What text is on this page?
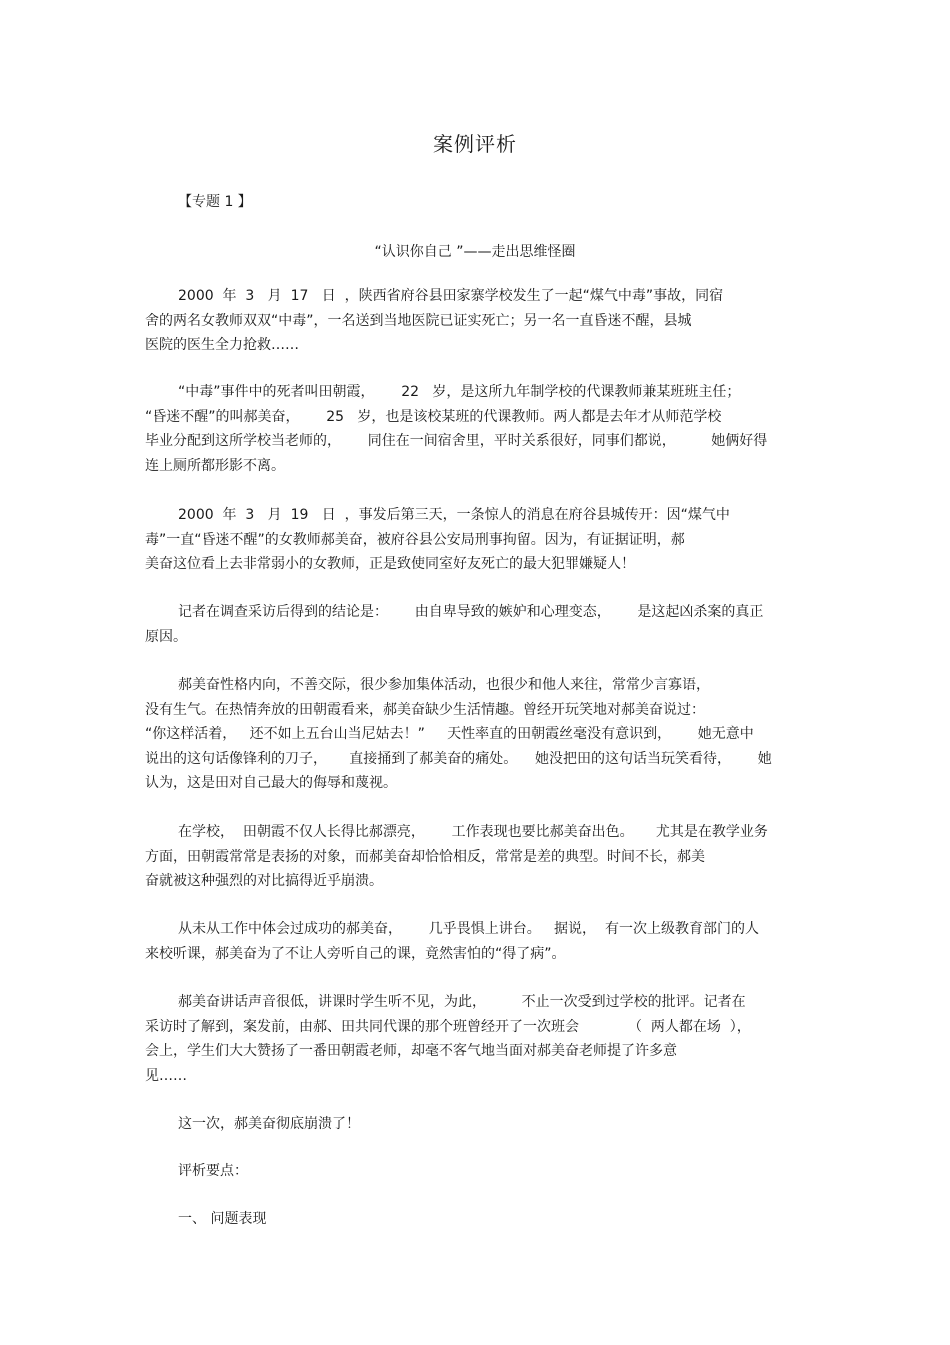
案例评析
【专题 1 】
“认识你自己 ”——走出思维怪圈
2000  年  3   月  17   日  ，陕西省府谷县田家寨学校发生了一起“煤气中毒”事故，同宿
舍的两名女教师双双“中毒”，一名送到当地医院已证实死亡；另一名一直昏迷不醒，县城
医院的医生全力抢救……
“中毒”事件中的死者叫田朝霞，      22   岁，是这所九年制学校的代课教师兼某班班主任；
“昏迷不醒”的叫郝美奋，      25   岁，也是该校某班的代课教师。两人都是去年才从师范学校
毕业分配到这所学校当老师的，      同住在一间宿舍里，平时关系很好，同事们都说，        她俩好得
连上厕所都形影不离。
2000  年  3   月  19   日  ，事发后第三天，一条惊人的消息在府谷县城传开：因“煤气中
毒”一直“昏迷不醒”的女教师郝美奋，被府谷县公安局刑事拘留。因为，有证据证明，郝
美奋这位看上去非常弱小的女教师，正是致使同室好友死亡的最大犯罪嫌疑人！
记者在调查采访后得到的结论是：      由自卑导致的嫉妒和心理变态，      是这起凶杀案的真正
原因。
郝美奋性格内向，不善交际，很少参加集体活动，也很少和他人来往，常常少言寡语，
没有生气。在热情奔放的田朝霞看来，郝美奋缺少生活情趣。曾经开玩笑地对郝美奋说过：
“你这样活着，   还不如上五台山当尼姑去！”     天性率直的田朝霞丝毫没有意识到，      她无意中
说出的这句话像锋利的刀子，     直接捅到了郝美奋的痛处。    她没把田的这句话当玩笑看待，      她
认为，这是田对自己最大的侮辱和蔑视。
在学校，  田朝霞不仅人长得比郝漂亮，      工作表现也要比郝美奋出色。     尤其是在教学业务
方面，田朝霞常常是表扬的对象，而郝美奋却恰恰相反，常常是差的典型。时间不长，郝美
奋就被这种强烈的对比搞得近乎崩溃。
从未从工作中体会过成功的郝美奋，      几乎畏惧上讲台。   据说，  有一次上级教育部门的人
来校听课，郝美奋为了不让人旁听自己的课，竟然害怕的“得了病”。
郝美奋讲话声音很低，讲课时学生听不见，为此，        不止一次受到过学校的批评。记者在
采访时了解到，案发前，由郝、田共同代课的那个班曾经开了一次班会           （  两人都在场  ），
会上，学生们大大赞扬了一番田朝霞老师，却毫不客气地当面对郝美奋老师提了许多意
见……
这一次，郝美奋彻底崩溃了！
评析要点：
一、 问题表现
